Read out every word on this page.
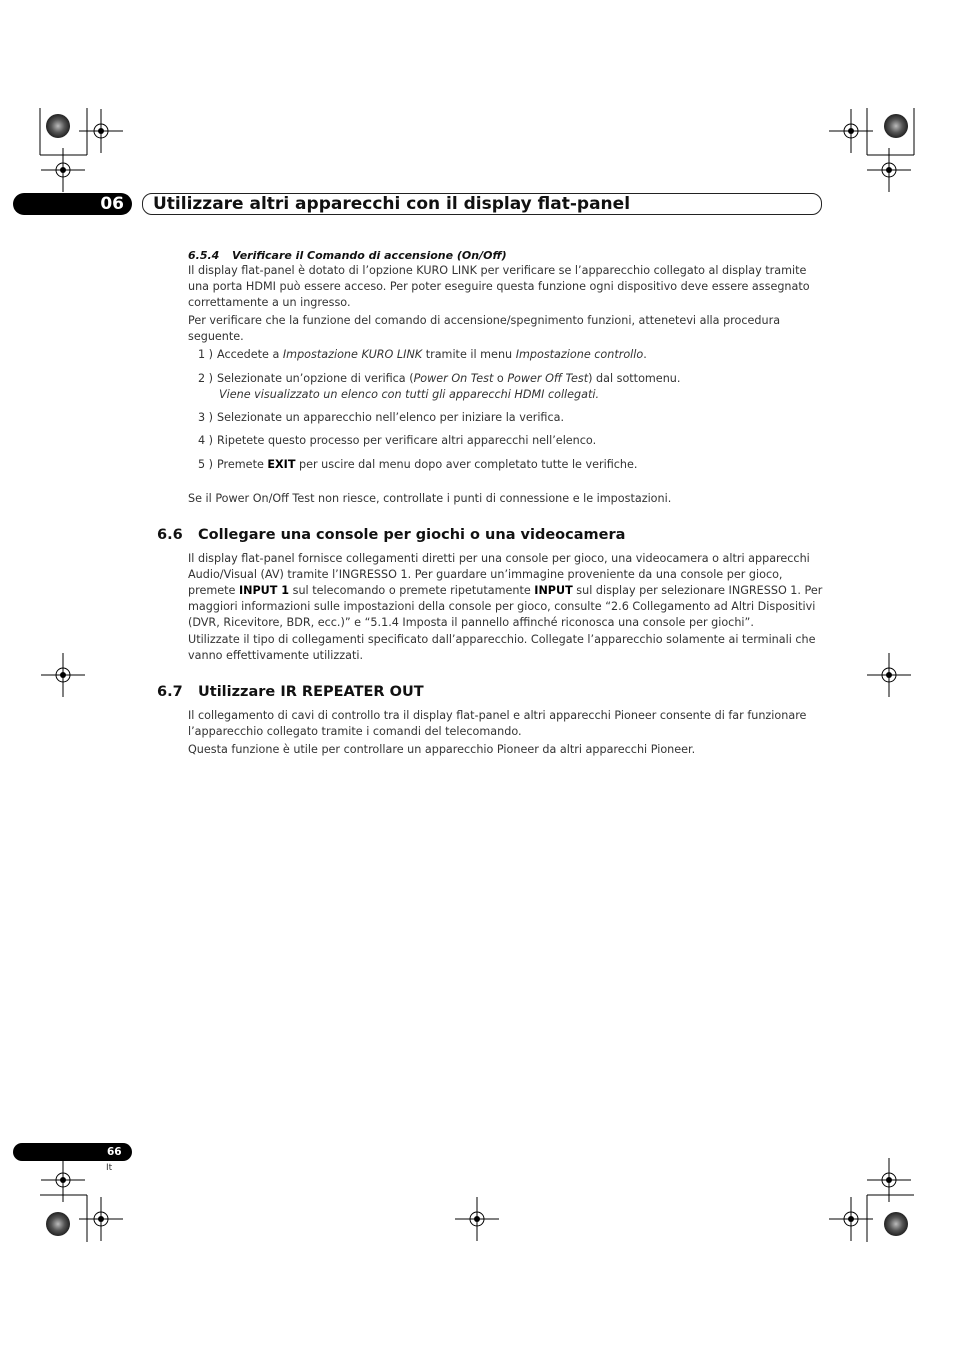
06 Utilizzare altri apparecchi con il display flat-panel
6.5.4 Verificare il Comando di accensione (On/Off)

Il display flat-panel è dotato di l’opzione KURO LINK per verificare se l’apparecchio collegato al display tramite una porta HDMI può essere acceso. Per poter eseguire questa funzione ogni dispositivo deve essere assegnato correttamente a un ingresso.

Per verificare che la funzione del comando di accensione/spegnimento funzioni, attenetevi alla procedura seguente.

1 ) Accedete a Impostazione KURO LINK tramite il menu Impostazione controllo.
2 ) Selezionate un’opzione di verifica (Power On Test o Power Off Test) dal sottomenu.
Viene visualizzato un elenco con tutti gli apparecchi HDMI collegati.
3 ) Selezionate un apparecchio nell’elenco per iniziare la verifica.
4 ) Ripetete questo processo per verificare altri apparecchi nell’elenco.
5 ) Premete EXIT per uscire dal menu dopo aver completato tutte le verifiche.

Se il Power On/Off Test non riesce, controllate i punti di connessione e le impostazioni.

6.6 Collegare una console per giochi o una videocamera

Il display flat-panel fornisce collegamenti diretti per una console per gioco, una videocamera o altri apparecchi Audio/Visual (AV) tramite l’INGRESSO 1. Per guardare un’immagine proveniente da una console per gioco, premete INPUT 1 sul telecomando o premete ripetutamente INPUT sul display per selezionare INGRESSO 1. Per maggiori informazioni sulle impostazioni della console per gioco, consulte “2.6 Collegamento ad Altri Dispositivi (DVR, Ricevitore, BDR, ecc.)” e “5.1.4 Imposta il pannello affinché riconosca una console per giochi”.

Utilizzate il tipo di collegamenti specificato dall’apparecchio. Collegate l’apparecchio solamente ai terminali che vanno effettivamente utilizzati.

6.7 Utilizzare IR REPEATER OUT

Il collegamento di cavi di controllo tra il display flat-panel e altri apparecchi Pioneer consente di far funzionare l’apparecchio collegato tramite i comandi del telecomando.

Questa funzione è utile per controllare un apparecchio Pioneer da altri apparecchi Pioneer.

66
It
